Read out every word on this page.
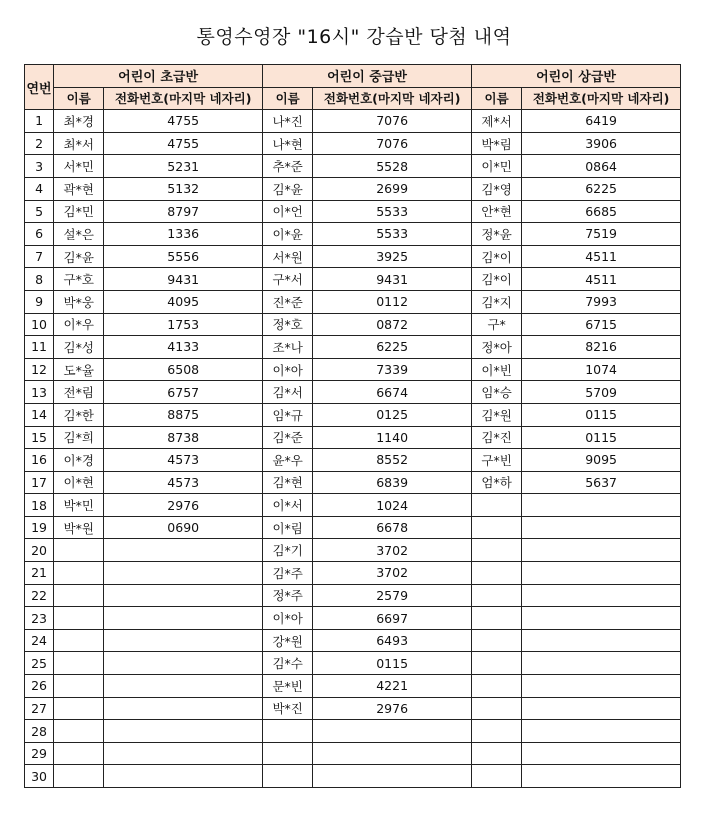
통영수영장 "16시" 강습반 당첨 내역
연번	어린이 초급반		어린이 중급반		어린이 상급반	
	이름	전화번호(마지막 네자리)	이름	전화번호(마지막 네자리)	이름	전화번호(마지막 네자리)
1	최*경	4755	나*진	7076	제*서	6419
2	최*서	4755	나*현	7076	박*림	3906
3	서*민	5231	추*준	5528	이*민	0864
4	곽*현	5132	김*윤	2699	김*영	6225
5	김*민	8797	이*언	5533	안*현	6685
6	설*은	1336	이*윤	5533	정*윤	7519
7	김*윤	5556	서*원	3925	김*이	4511
8	구*호	9431	구*서	9431	김*이	4511
9	박*웅	4095	진*준	0112	김*지	7993
10	이*우	1753	정*호	0872	구*	6715
11	김*성	4133	조*나	6225	정*아	8216
12	도*율	6508	이*아	7339	이*빈	1074
13	전*림	6757	김*서	6674	임*승	5709
14	김*한	8875	임*규	0125	김*원	0115
15	김*희	8738	김*준	1140	김*진	0115
16	이*경	4573	윤*우	8552	구*빈	9095
17	이*현	4573	김*현	6839	엄*하	5637
18	박*민	2976	이*서	1024		
19	박*원	0690	이*림	6678		
20			김*기	3702		
21			김*주	3702		
22			정*주	2579		
23			이*아	6697		
24			강*원	6493		
25			김*수	0115		
26			문*빈	4221		
27			박*진	2976		
28						
29						
30						
